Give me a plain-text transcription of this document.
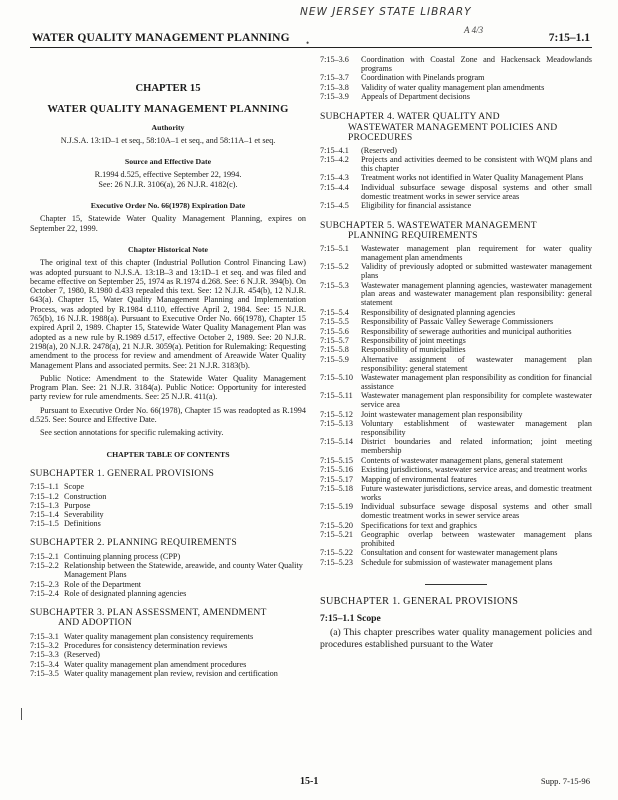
NEW JERSEY STATE LIBRARY
A 4/3
WATER QUALITY MANAGEMENT PLANNING	7:15–1.1
•
CHAPTER 15
WATER QUALITY MANAGEMENT PLANNING
Authority
N.J.S.A. 13:1D–1 et seq., 58:10A–1 et seq., and 58:11A–1 et seq.
Source and Effective Date
R.1994 d.525, effective September 22, 1994.
See: 26 N.J.R. 3106(a), 26 N.J.R. 4182(c).
Executive Order No. 66(1978) Expiration Date
Chapter 15, Statewide Water Quality Management Planning, expires on September 22, 1999.
Chapter Historical Note
The original text of this chapter (Industrial Pollution Control Financing Law) was adopted pursuant to N.J.S.A. 13:1B–3 and 13:1D–1 et seq. and was filed and became effective on September 25, 1974 as R.1974 d.268. See: 6 N.J.R. 394(b). On October 7, 1980, R.1980 d.433 repealed this text. See: 12 N.J.R. 454(b), 12 N.J.R. 643(a). Chapter 15, Water Quality Management Planning and Implementation Process, was adopted by R.1984 d.110, effective April 2, 1984. See: 15 N.J.R. 765(b), 16 N.J.R. 1988(a). Pursuant to Executive Order No. 66(1978), Chapter 15 expired April 2, 1989. Chapter 15, Statewide Water Quality Management Plan was adopted as a new rule by R.1989 d.517, effective October 2, 1989. See: 20 N.J.R. 2198(a), 20 N.J.R. 2478(a), 21 N.J.R. 3059(a). Petition for Rulemaking: Requesting amendment to the process for review and amendment of Areawide Water Quality Management Plans and associated permits. See: 21 N.J.R. 3183(b).
Public Notice: Amendment to the Statewide Water Quality Management Program Plan. See: 21 N.J.R. 3184(a). Public Notice: Opportunity for interested party review for rule amendments. See: 25 N.J.R. 411(a).
Pursuant to Executive Order No. 66(1978), Chapter 15 was readopted as R.1994 d.525. See: Source and Effective Date.
See section annotations for specific rulemaking activity.
CHAPTER TABLE OF CONTENTS
SUBCHAPTER 1. GENERAL PROVISIONS
7:15–1.1 Scope
7:15–1.2 Construction
7:15–1.3 Purpose
7:15–1.4 Severability
7:15–1.5 Definitions
SUBCHAPTER 2. PLANNING REQUIREMENTS
7:15–2.1 Continuing planning process (CPP)
7:15–2.2 Relationship between the Statewide, areawide, and county Water Quality Management Plans
7:15–2.3 Role of the Department
7:15–2.4 Role of designated planning agencies
SUBCHAPTER 3. PLAN ASSESSMENT, AMENDMENT
AND ADOPTION
7:15–3.1 Water quality management plan consistency requirements
7:15–3.2 Procedures for consistency determination reviews
7:15–3.3 (Reserved)
7:15–3.4 Water quality management plan amendment procedures
7:15–3.5 Water quality management plan review, revision and certification
7:15–3.6	Coordination with Coastal Zone and Hackensack Meadowlands programs
7:15–3.7	Coordination with Pinelands program
7:15–3.8	Validity of water quality management plan amendments
7:15–3.9	Appeals of Department decisions
SUBCHAPTER 4. WATER QUALITY AND
WASTEWATER MANAGEMENT POLICIES AND PROCEDURES
7:15–4.1	(Reserved)
7:15–4.2	Projects and activities deemed to be consistent with WQM plans and this chapter
7:15–4.3	Treatment works not identified in Water Quality Management Plans
7:15–4.4	Individual subsurface sewage disposal systems and other small domestic treatment works in sewer service areas
7:15–4.5	Eligibility for financial assistance
SUBCHAPTER 5. WASTEWATER MANAGEMENT
PLANNING REQUIREMENTS
7:15–5.1	Wastewater management plan requirement for water quality management plan amendments
7:15–5.2	Validity of previously adopted or submitted wastewater management plans
7:15–5.3	Wastewater management planning agencies, wastewater management plan areas and wastewater management plan responsibility: general statement
7:15–5.4	Responsibility of designated planning agencies
7:15–5.5	Responsibility of Passaic Valley Sewerage Commissioners
7:15–5.6	Responsibility of sewerage authorities and municipal authorities
7:15–5.7	Responsibility of joint meetings
7:15–5.8	Responsibility of municipalities
7:15–5.9	Alternative assignment of wastewater management plan responsibility: general statement
7:15–5.10 Wastewater management plan responsibility as condition for financial assistance
7:15–5.11	Wastewater management plan responsibility for complete wastewater service area
7:15–5.12 Joint wastewater management plan responsibility
7:15–5.13 Voluntary establishment of wastewater management plan responsibility
7:15–5.14 District boundaries and related information; joint meeting membership
7:15–5.15 Contents of wastewater management plans, general statement
7:15–5.16 Existing jurisdictions, wastewater service areas; and treatment works
7:15–5.17 Mapping of environmental features
7:15–5.18 Future wastewater jurisdictions, service areas, and domestic treatment works
7:15–5.19 Individual subsurface sewage disposal systems and other small domestic treatment works in sewer service areas
7:15–5.20 Specifications for text and graphics
7:15–5.21 Geographic overlap between wastewater management plans prohibited
7:15–5.22 Consultation and consent for wastewater management plans
7:15–5.23 Schedule for submission of wastewater management plans
SUBCHAPTER 1. GENERAL PROVISIONS
7:15–1.1 Scope
(a) This chapter prescribes water quality management policies and procedures established pursuant to the Water
15-1	Supp. 7-15-96
